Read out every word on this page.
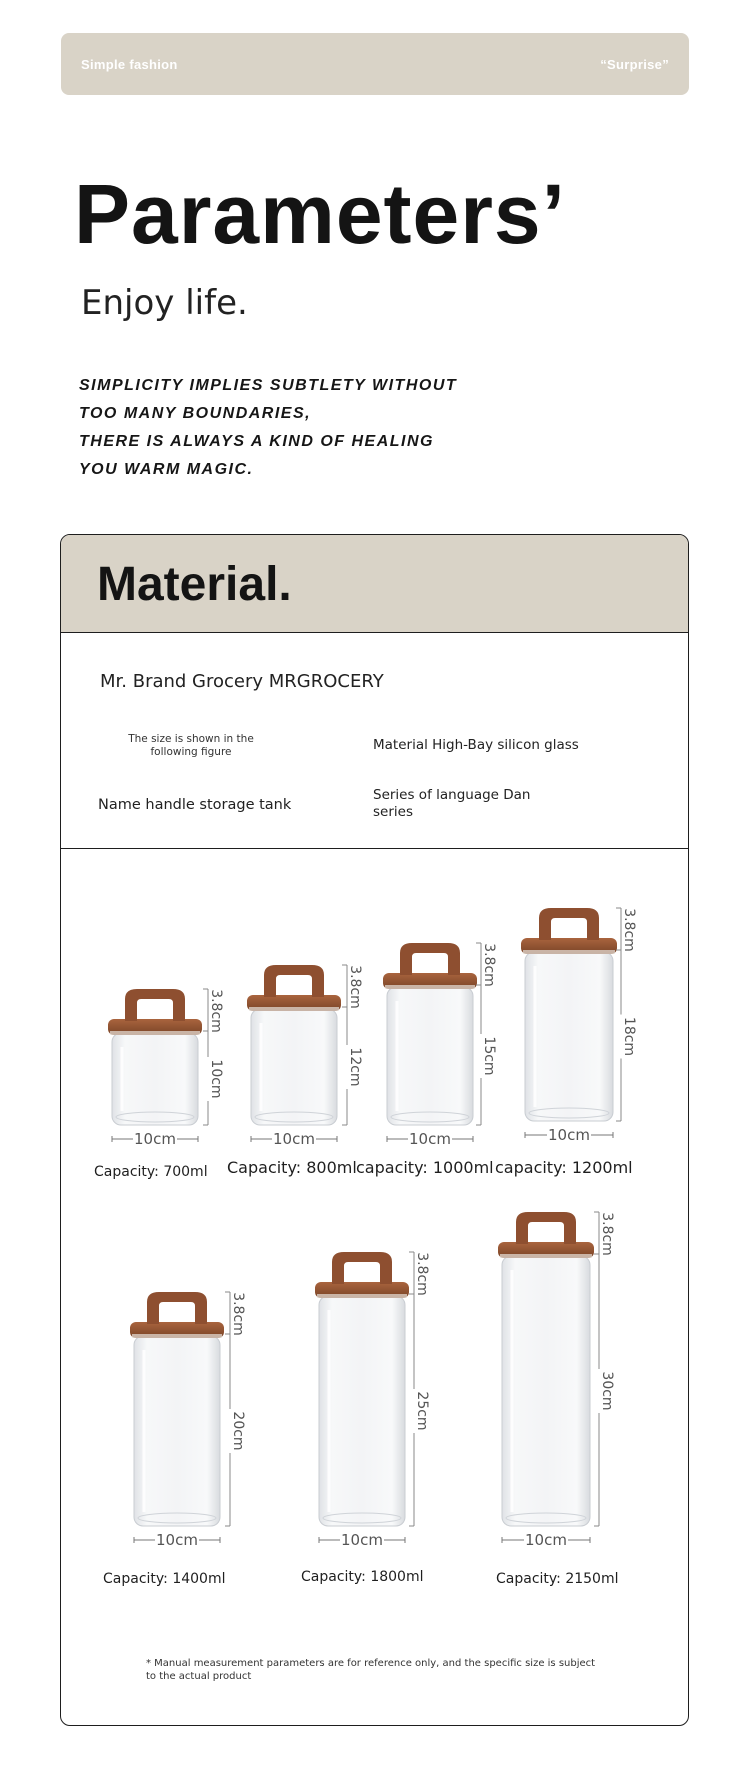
Simple fashion	“Surprise”
Parameters’
Enjoy life.
SIMPLICITY IMPLIES SUBTLETY WITHOUT
TOO MANY BOUNDARIES,
THERE IS ALWAYS A KIND OF HEALING
YOU WARM MAGIC.
Material.
Mr. Brand Grocery MRGROCERY
The size is shown in the following figure	Material High-Bay silicon glass
Name handle storage tank
Series of language Dan series
10cm
3.8cm
10cm
Capacity: 700ml
10cm
3.8cm
12cm
Capacity: 800ml
10cm
3.8cm
15cm
capacity: 1000ml
10cm
3.8cm
18cm
capacity: 1200ml
10cm
3.8cm
20cm
Capacity: 1400ml
10cm
3.8cm
25cm
Capacity: 1800ml
10cm
3.8cm
30cm
Capacity: 2150ml
* Manual measurement parameters are for reference only, and the specific size is subject to the actual product
